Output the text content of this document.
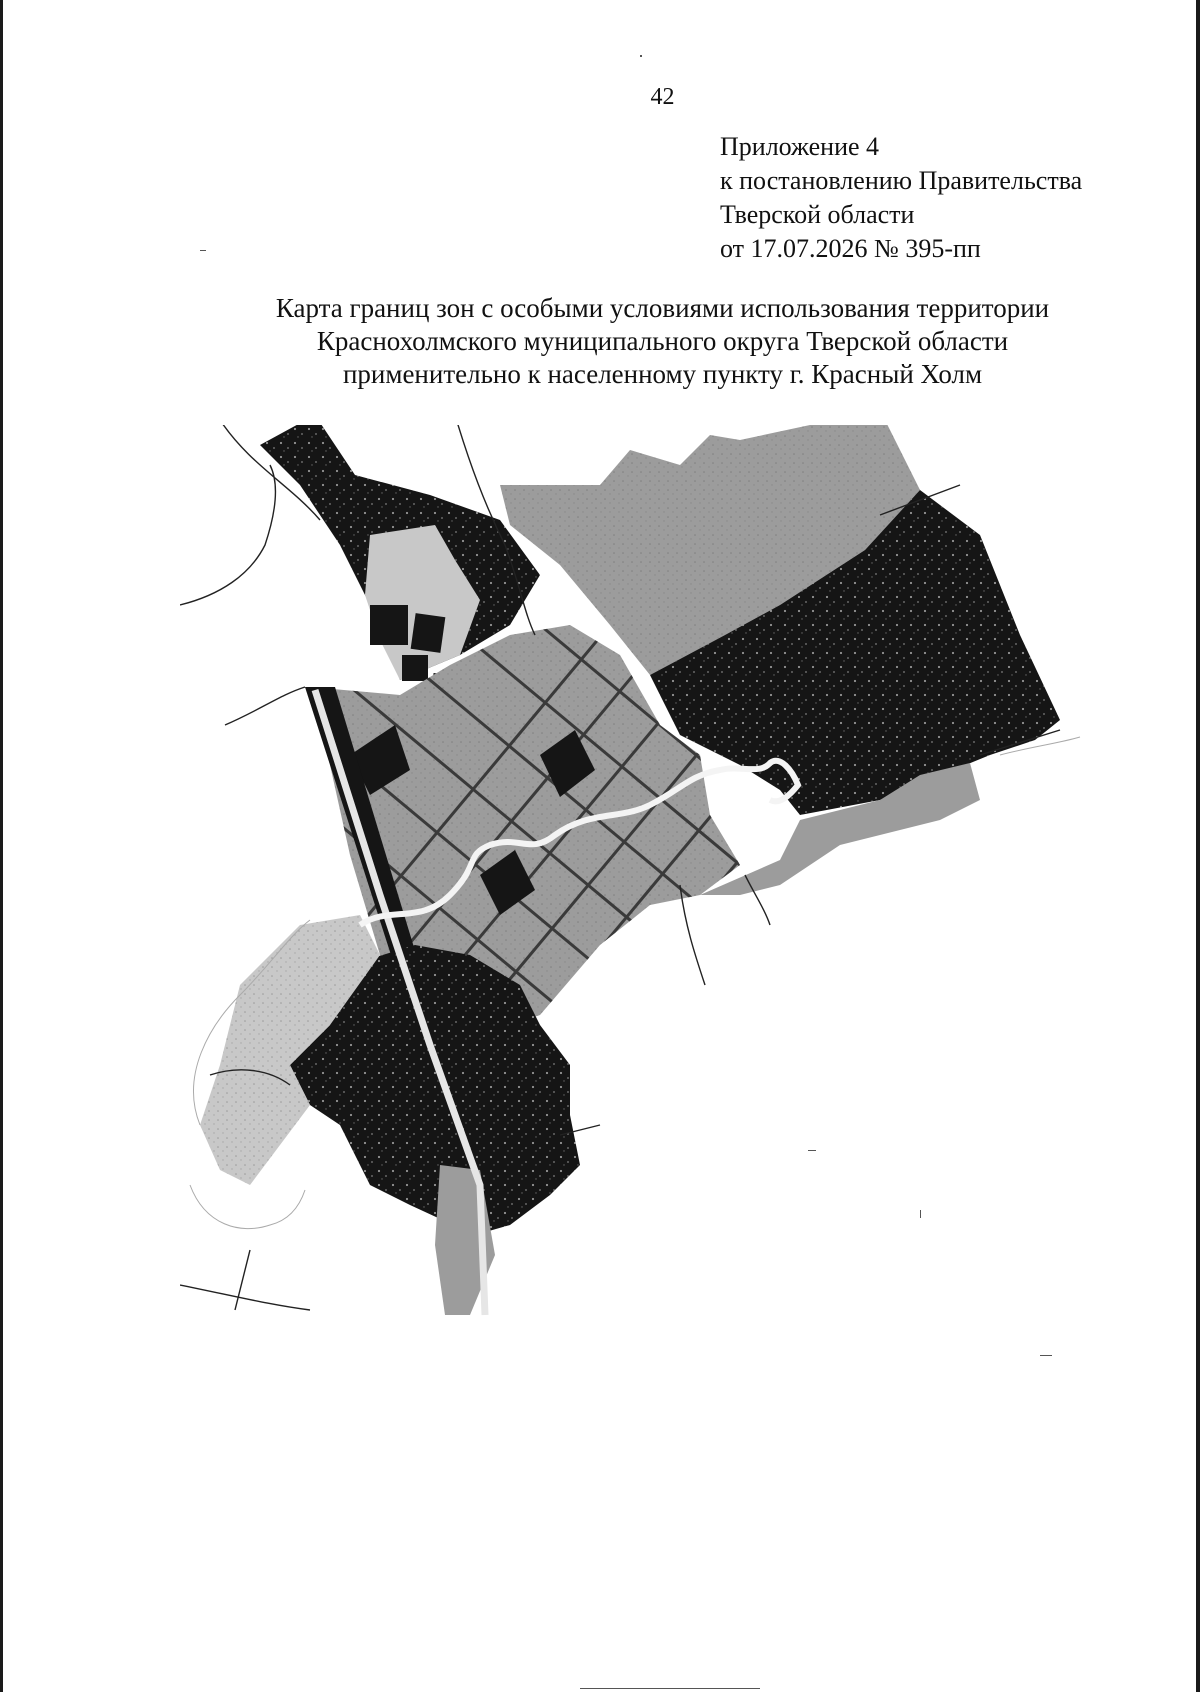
42
Приложение 4
к постановлению Правительства
Тверской области
от 17.07.2026 № 395-пп
Карта границ зон с особыми условиями использования территории
Краснохолмского муниципального округа Тверской области
применительно к населенному пункту г. Красный Холм
